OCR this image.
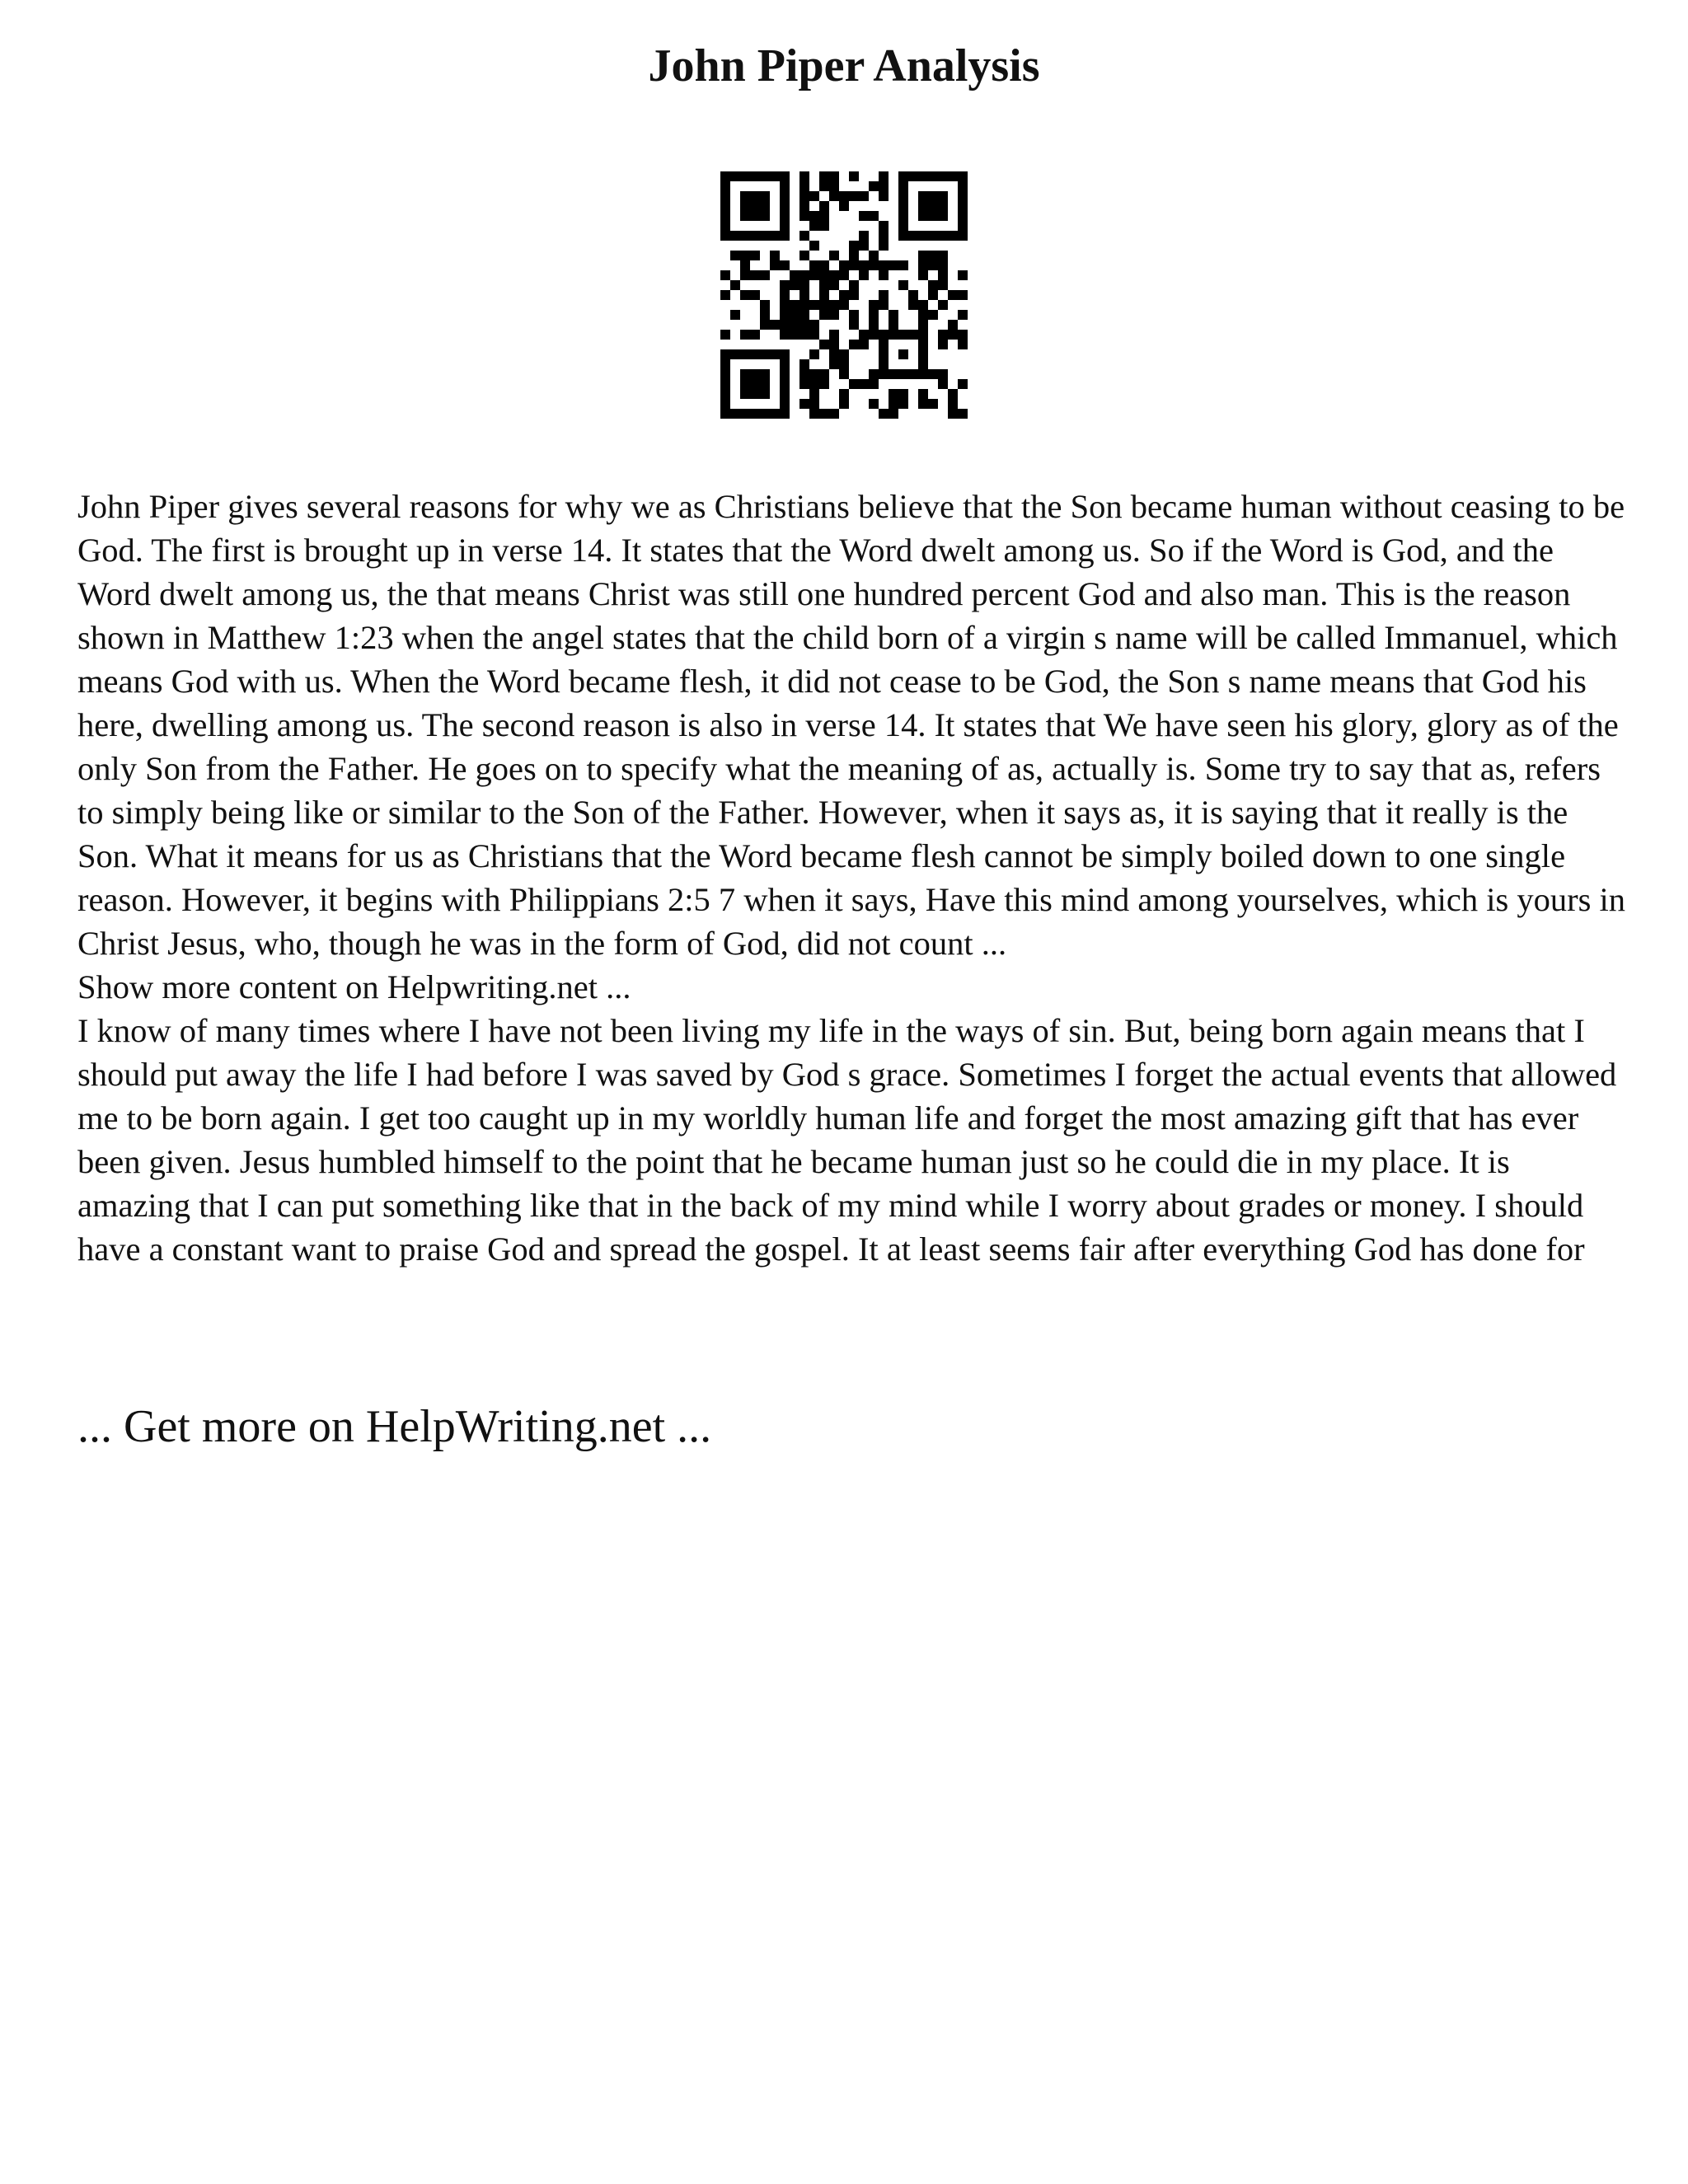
John Piper Analysis

John Piper gives several reasons for why we as Christians believe that the Son became human without ceasing to be God. The first is brought up in verse 14. It states that the Word dwelt among us. So if the Word is God, and the Word dwelt among us, the that means Christ was still one hundred percent God and also man. This is the reason shown in Matthew 1:23 when the angel states that the child born of a virgin s name will be called Immanuel, which means God with us. When the Word became flesh, it did not cease to be God, the Son s name means that God his here, dwelling among us. The second reason is also in verse 14. It states that We have seen his glory, glory as of the only Son from the Father. He goes on to specify what the meaning of as, actually is. Some try to say that as, refers to simply being like or similar to the Son of the Father. However, when it says as, it is saying that it really is the Son. What it means for us as Christians that the Word became flesh cannot be simply boiled down to one single reason. However, it begins with Philippians 2:5 7 when it says, Have this mind among yourselves, which is yours in Christ Jesus, who, though he was in the form of God, did not count ...

Show more content on Helpwriting.net ...

I know of many times where I have not been living my life in the ways of sin. But, being born again means that I should put away the life I had before I was saved by God s grace. Sometimes I forget the actual events that allowed me to be born again. I get too caught up in my worldly human life and forget the most amazing gift that has ever been given. Jesus humbled himself to the point that he became human just so he could die in my place. It is amazing that I can put something like that in the back of my mind while I worry about grades or money. I should have a constant want to praise God and spread the gospel. It at least seems fair after everything God has done for

... Get more on HelpWriting.net ...
